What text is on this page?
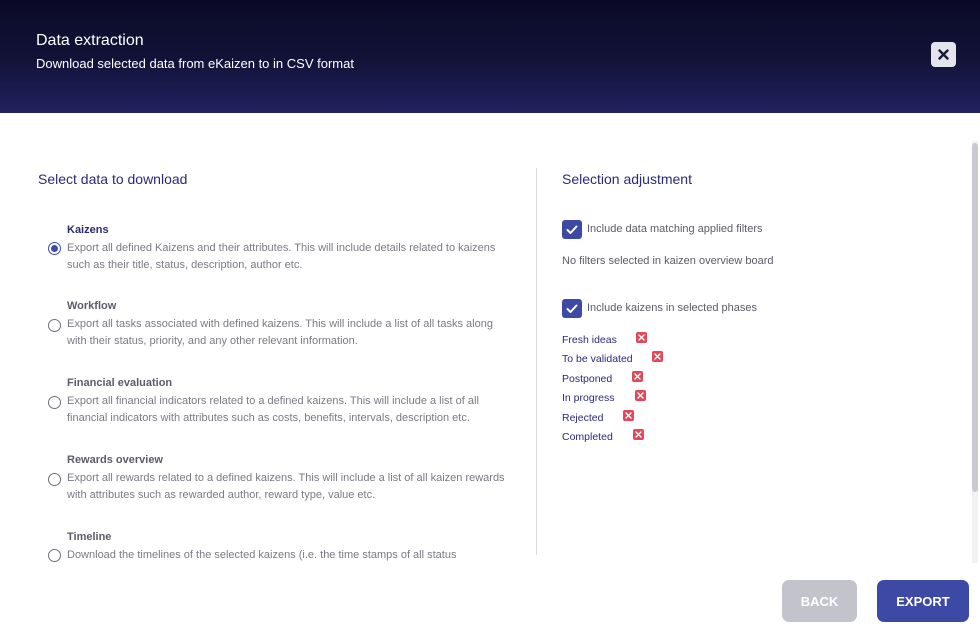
Data extraction
Download selected data from eKaizen to in CSV format
Select data to download	Selection adjustment
Kaizens
Export all defined Kaizens and their attributes. This will include details related to kaizens such as their title, status, description, author etc.
Workflow
Export all tasks associated with defined kaizens. This will include a list of all tasks along with their status, priority, and any other relevant information.
Financial evaluation
Export all financial indicators related to a defined kaizens. This will include a list of all financial indicators with attributes such as costs, benefits, intervals, description etc.
Rewards overview
Export all rewards related to a defined kaizens. This will include a list of all kaizen rewards with attributes such as rewarded author, reward type, value etc.
Timeline
Download the timelines of the selected kaizens (i.e. the time stamps of all status
Include data matching applied filters
No filters selected in kaizen overview board
Include kaizens in selected phases
Fresh ideas
To be validated
Postponed
In progress
Rejected
Completed
BACK	EXPORT
